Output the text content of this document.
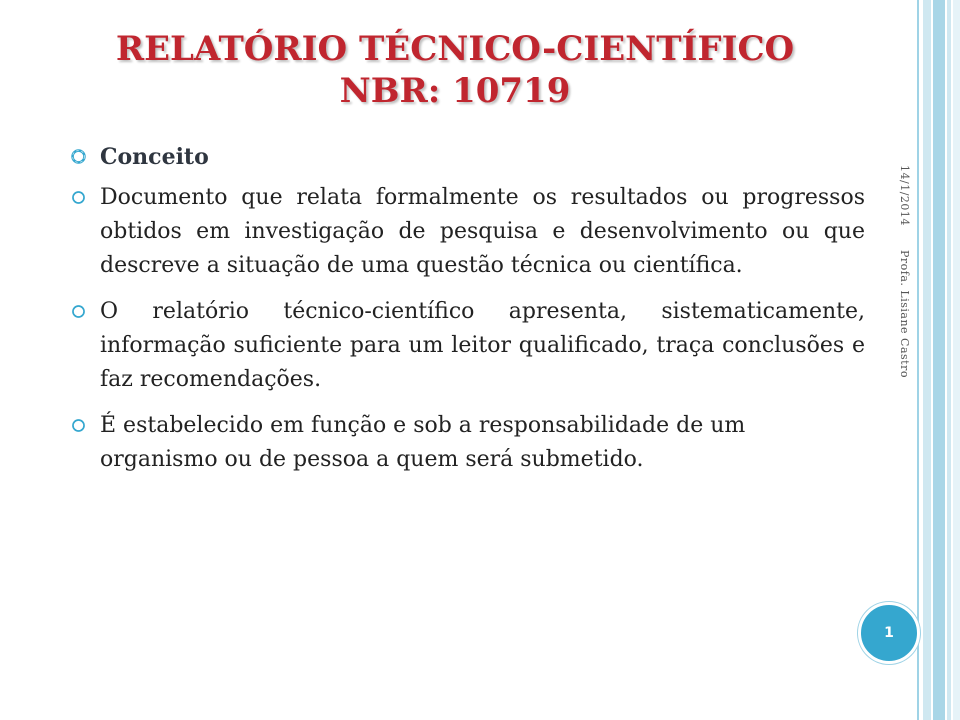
RELATÓRIO TÉCNICO-CIENTÍFICO
NBR: 10719
Conceito
Documento que relata formalmente os resultados ou progressos obtidos em investigação de pesquisa e desenvolvimento ou que descreve a situação de uma questão técnica ou científica.
O relatório técnico-científico apresenta, sistematicamente, informação suficiente para um leitor qualificado, traça conclusões e faz recomendações.
É estabelecido em função e sob a responsabilidade de um organismo ou de pessoa a quem será submetido.
14/1/2014
Profa. Lisiane Castro
1
